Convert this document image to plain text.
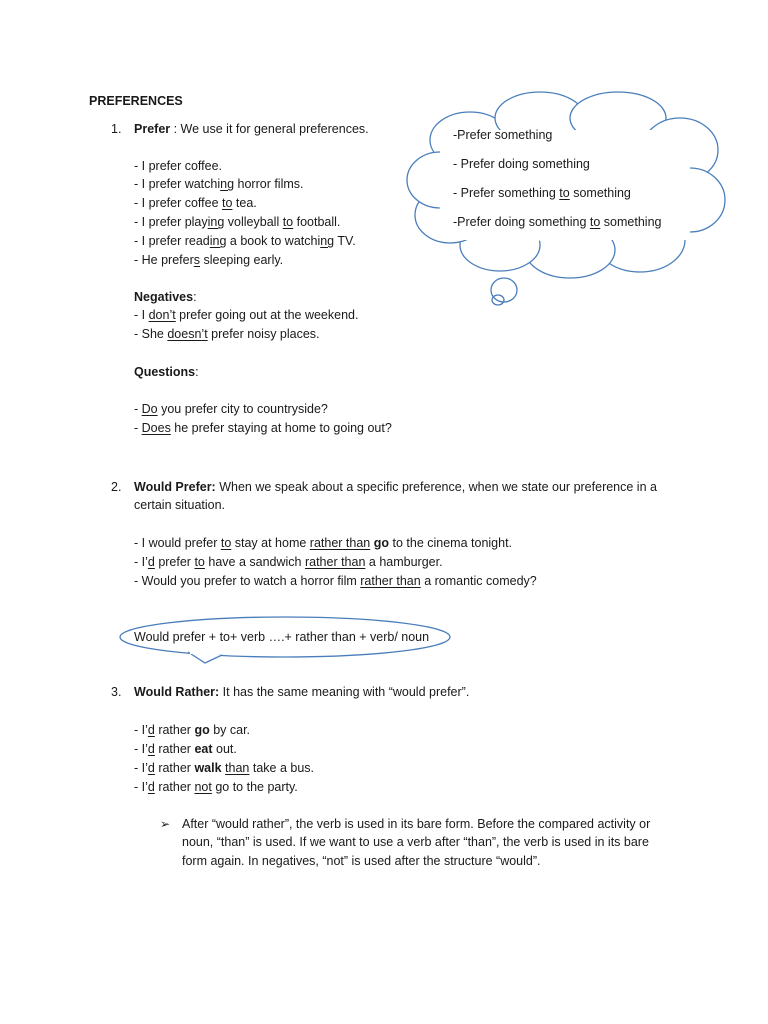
PREFERENCES
1. Prefer : We use it for general preferences.
- I prefer coffee.
- I prefer watching horror films.
- I prefer coffee to tea.
- I prefer playing volleyball to football.
- I prefer reading a book to watching TV.
- He prefers sleeping early.
Negatives:
- I don’t prefer going out at the weekend.
- She doesn’t prefer noisy places.
Questions:
- Do you prefer city to countryside?
- Does he prefer staying at home to going out?
-Prefer something
- Prefer doing something
- Prefer something to something
-Prefer doing something to something
2. Would Prefer: When we speak about a specific preference, when we state our preference in a
certain situation.
- I would prefer to stay at home rather than go to the cinema tonight.
- I’d prefer to have a sandwich rather than a hamburger.
- Would you prefer to watch a horror film rather than a romantic comedy?
Would prefer + to+ verb ….+ rather than + verb/ noun
3. Would Rather: It has the same meaning with “would prefer”.
- I’d rather go by car.
- I’d rather eat out.
- I’d rather walk than take a bus.
- I’d rather not go to the party.
➢ After “would rather”, the verb is used in its bare form. Before the compared activity or
noun, “than” is used. If we want to use a verb after “than”, the verb is used in its bare
form again. In negatives, “not” is used after the structure “would”.
